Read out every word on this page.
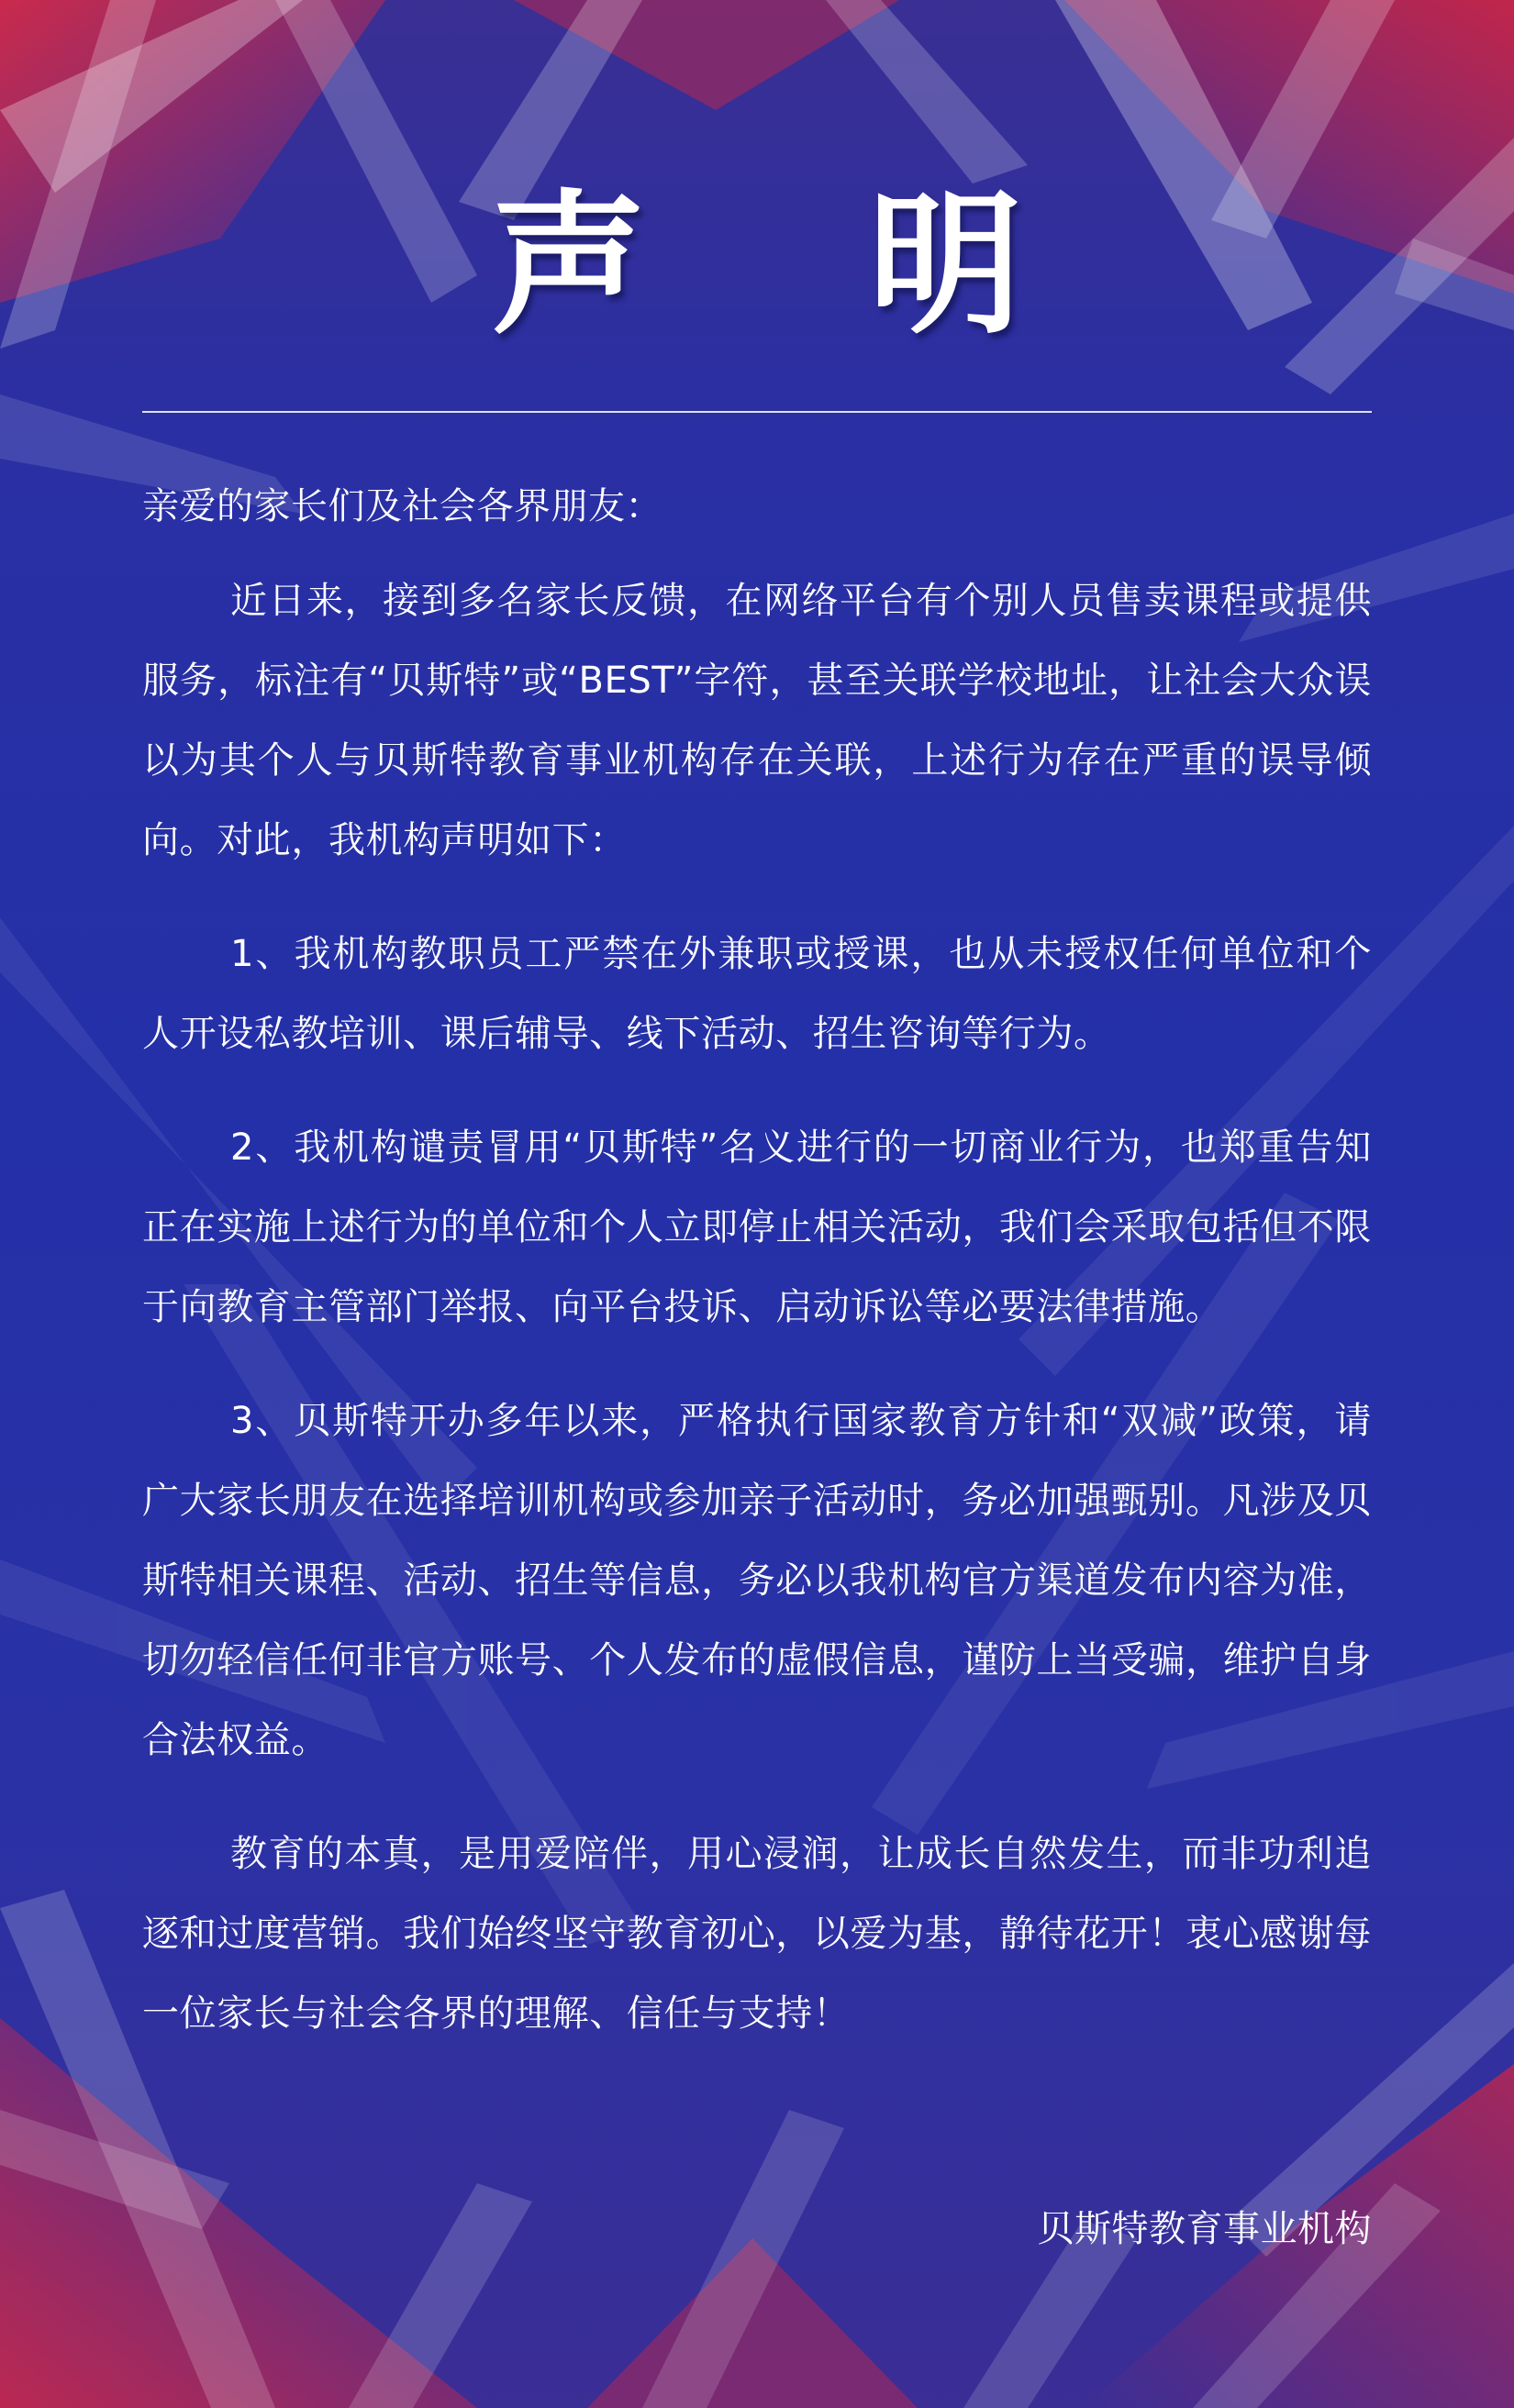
声 明
亲爱的家长们及社会各界朋友：

近日来，接到多名家长反馈，在网络平台有个别人员售卖课程或提供服务，标注有“贝斯特”或“BEST”字符，甚至关联学校地址，让社会大众误以为其个人与贝斯特教育事业机构存在关联，上述行为存在严重的误导倾向。对此，我机构声明如下：

1、我机构教职员工严禁在外兼职或授课，也从未授权任何单位和个人开设私教培训、课后辅导、线下活动、招生咨询等行为。

2、我机构谴责冒用“贝斯特”名义进行的一切商业行为，也郑重告知正在实施上述行为的单位和个人立即停止相关活动，我们会采取包括但不限于向教育主管部门举报、向平台投诉、启动诉讼等必要法律措施。

3、贝斯特开办多年以来，严格执行国家教育方针和“双减”政策，请广大家长朋友在选择培训机构或参加亲子活动时，务必加强甄别。凡涉及贝斯特相关课程、活动、招生等信息，务必以我机构官方渠道发布内容为准，切勿轻信任何非官方账号、个人发布的虚假信息，谨防上当受骗，维护自身合法权益。

教育的本真，是用爱陪伴，用心浸润，让成长自然发生，而非功利追逐和过度营销。我们始终坚守教育初心，以爱为基，静待花开！衷心感谢每一位家长与社会各界的理解、信任与支持！

贝斯特教育事业机构
